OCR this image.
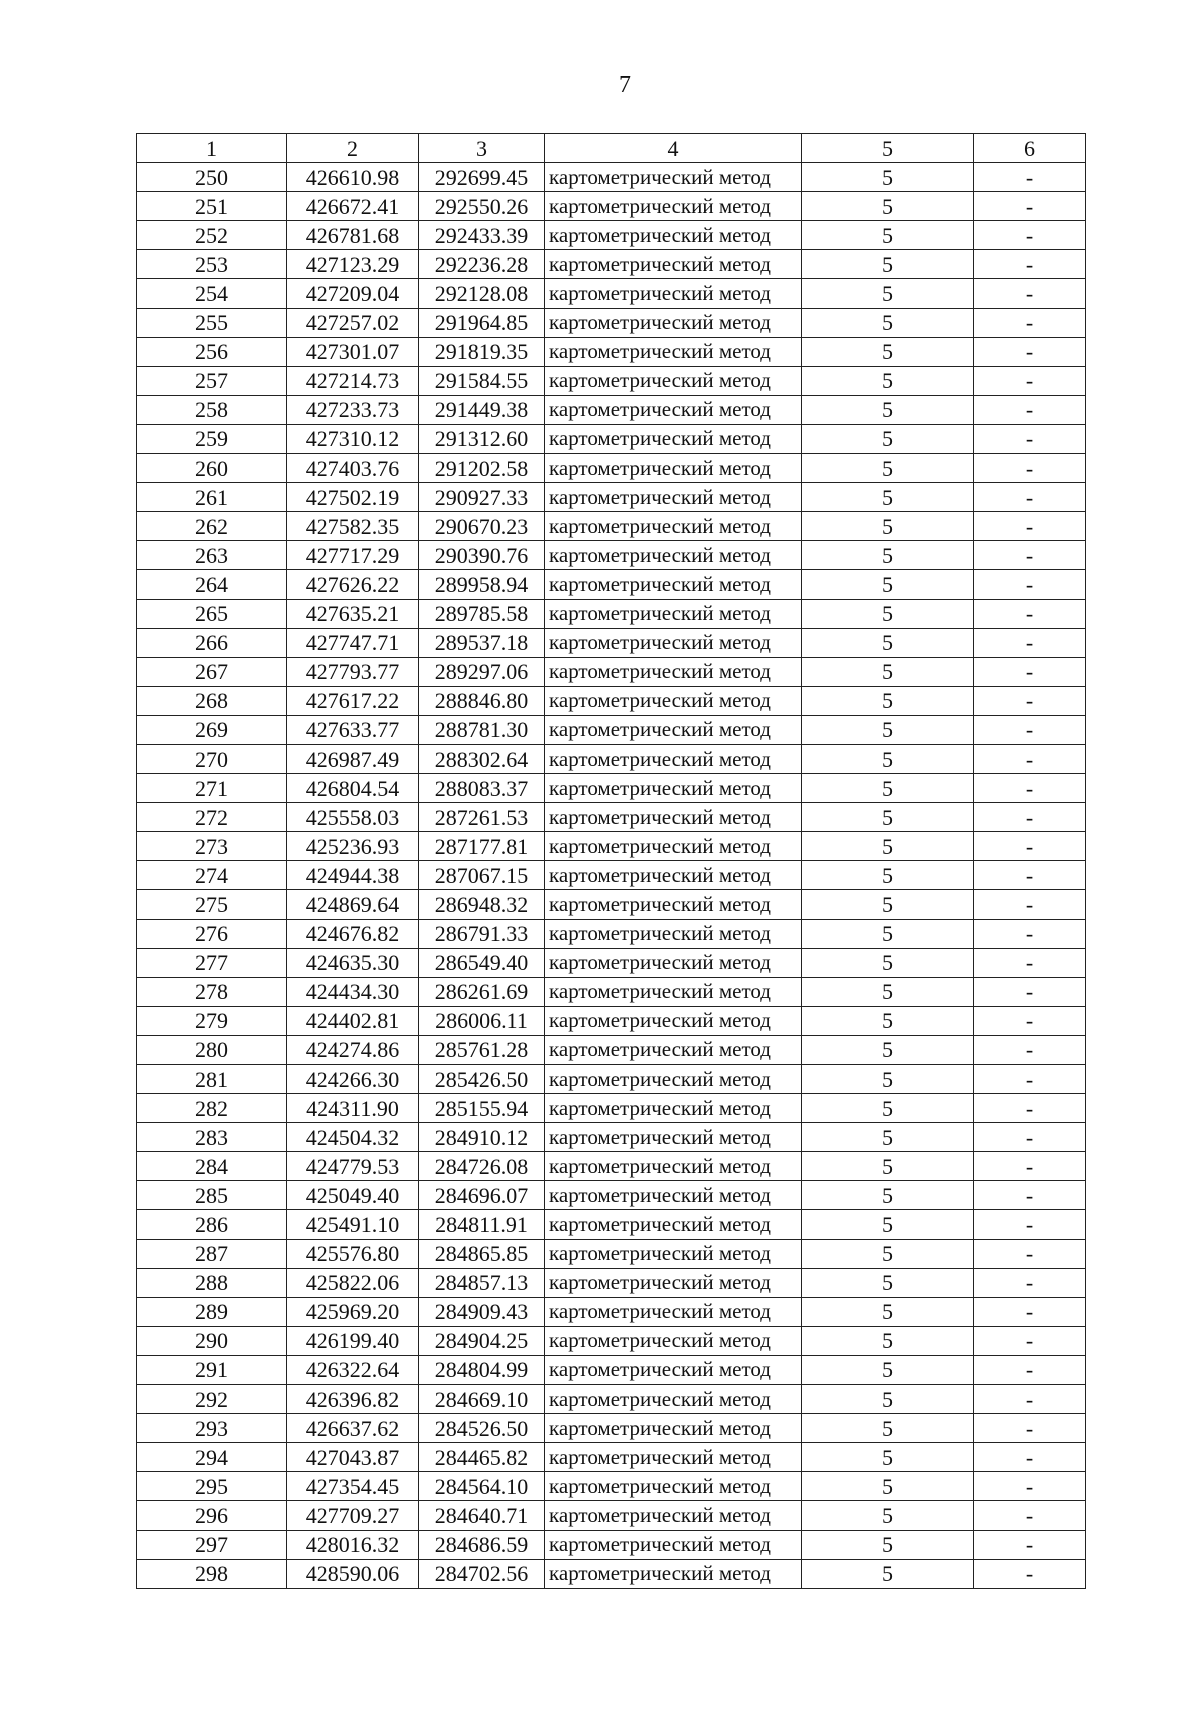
7
1	2	3	4	5	6
250	426610.98	292699.45	картометрический метод	5	-
251	426672.41	292550.26	картометрический метод	5	-
252	426781.68	292433.39	картометрический метод	5	-
253	427123.29	292236.28	картометрический метод	5	-
254	427209.04	292128.08	картометрический метод	5	-
255	427257.02	291964.85	картометрический метод	5	-
256	427301.07	291819.35	картометрический метод	5	-
257	427214.73	291584.55	картометрический метод	5	-
258	427233.73	291449.38	картометрический метод	5	-
259	427310.12	291312.60	картометрический метод	5	-
260	427403.76	291202.58	картометрический метод	5	-
261	427502.19	290927.33	картометрический метод	5	-
262	427582.35	290670.23	картометрический метод	5	-
263	427717.29	290390.76	картометрический метод	5	-
264	427626.22	289958.94	картометрический метод	5	-
265	427635.21	289785.58	картометрический метод	5	-
266	427747.71	289537.18	картометрический метод	5	-
267	427793.77	289297.06	картометрический метод	5	-
268	427617.22	288846.80	картометрический метод	5	-
269	427633.77	288781.30	картометрический метод	5	-
270	426987.49	288302.64	картометрический метод	5	-
271	426804.54	288083.37	картометрический метод	5	-
272	425558.03	287261.53	картометрический метод	5	-
273	425236.93	287177.81	картометрический метод	5	-
274	424944.38	287067.15	картометрический метод	5	-
275	424869.64	286948.32	картометрический метод	5	-
276	424676.82	286791.33	картометрический метод	5	-
277	424635.30	286549.40	картометрический метод	5	-
278	424434.30	286261.69	картометрический метод	5	-
279	424402.81	286006.11	картометрический метод	5	-
280	424274.86	285761.28	картометрический метод	5	-
281	424266.30	285426.50	картометрический метод	5	-
282	424311.90	285155.94	картометрический метод	5	-
283	424504.32	284910.12	картометрический метод	5	-
284	424779.53	284726.08	картометрический метод	5	-
285	425049.40	284696.07	картометрический метод	5	-
286	425491.10	284811.91	картометрический метод	5	-
287	425576.80	284865.85	картометрический метод	5	-
288	425822.06	284857.13	картометрический метод	5	-
289	425969.20	284909.43	картометрический метод	5	-
290	426199.40	284904.25	картометрический метод	5	-
291	426322.64	284804.99	картометрический метод	5	-
292	426396.82	284669.10	картометрический метод	5	-
293	426637.62	284526.50	картометрический метод	5	-
294	427043.87	284465.82	картометрический метод	5	-
295	427354.45	284564.10	картометрический метод	5	-
296	427709.27	284640.71	картометрический метод	5	-
297	428016.32	284686.59	картометрический метод	5	-
298	428590.06	284702.56	картометрический метод	5	-
